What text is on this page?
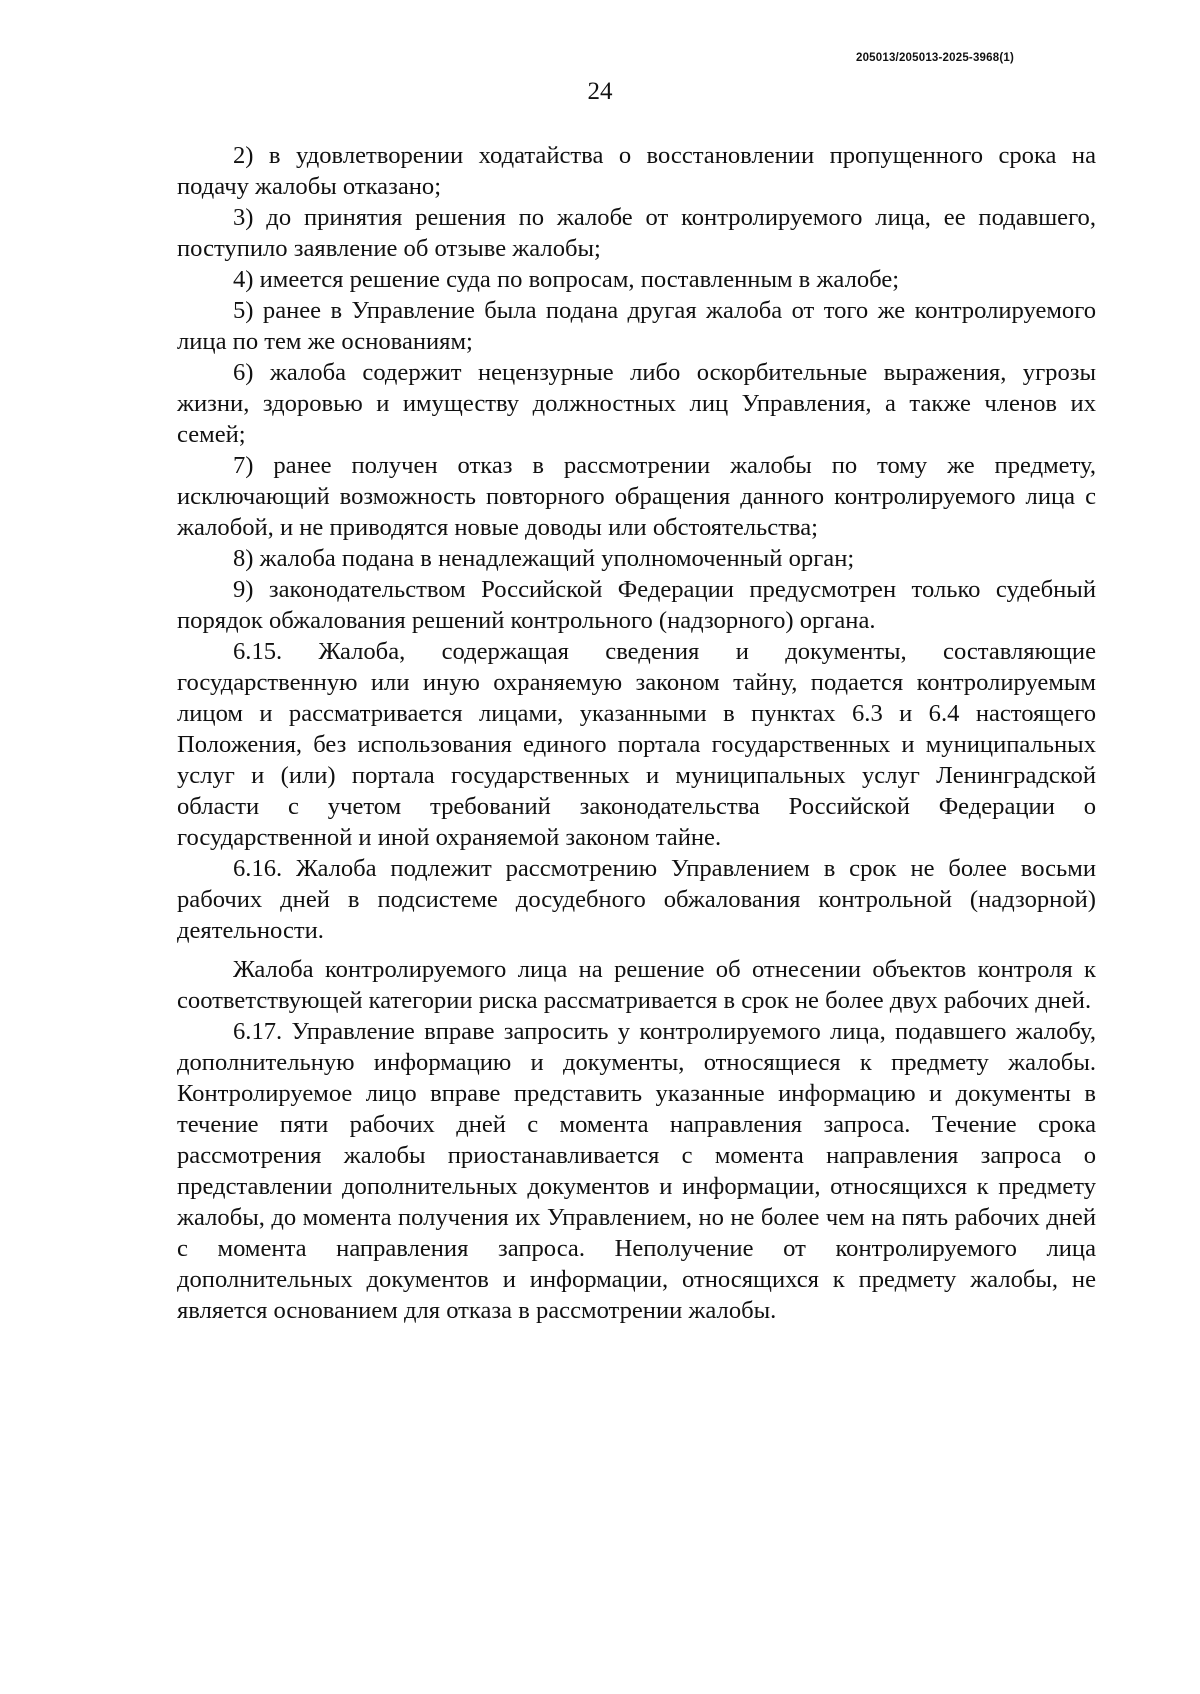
205013/205013-2025-3968(1)
24

2) в удовлетворении ходатайства о восстановлении пропущенного срока на подачу жалобы отказано;

3) до принятия решения по жалобе от контролируемого лица, ее подавшего, поступило заявление об отзыве жалобы;

4) имеется решение суда по вопросам, поставленным в жалобе;

5) ранее в Управление была подана другая жалоба от того же контролируемого лица по тем же основаниям;

6) жалоба содержит нецензурные либо оскорбительные выражения, угрозы жизни, здоровью и имуществу должностных лиц Управления, а также членов их семей;

7) ранее получен отказ в рассмотрении жалобы по тому же предмету, исключающий возможность повторного обращения данного контролируемого лица с жалобой, и не приводятся новые доводы или обстоятельства;

8) жалоба подана в ненадлежащий уполномоченный орган;

9) законодательством Российской Федерации предусмотрен только судебный порядок обжалования решений контрольного (надзорного) органа.

6.15. Жалоба, содержащая сведения и документы, составляющие государственную или иную охраняемую законом тайну, подается контролируемым лицом и рассматривается лицами, указанными в пунктах 6.3 и 6.4 настоящего Положения, без использования единого портала государственных и муниципальных услуг и (или) портала государственных и муниципальных услуг Ленинградской области с учетом требований законодательства Российской Федерации о государственной и иной охраняемой законом тайне.

6.16. Жалоба подлежит рассмотрению Управлением в срок не более восьми рабочих дней в подсистеме досудебного обжалования контрольной (надзорной) деятельности.

Жалоба контролируемого лица на решение об отнесении объектов контроля к соответствующей категории риска рассматривается в срок не более двух рабочих дней.

6.17. Управление вправе запросить у контролируемого лица, подавшего жалобу, дополнительную информацию и документы, относящиеся к предмету жалобы. Контролируемое лицо вправе представить указанные информацию и документы в течение пяти рабочих дней с момента направления запроса. Течение срока рассмотрения жалобы приостанавливается с момента направления запроса о представлении дополнительных документов и информации, относящихся к предмету жалобы, до момента получения их Управлением, но не более чем на пять рабочих дней с момента направления запроса. Неполучение от контролируемого лица дополнительных документов и информации, относящихся к предмету жалобы, не является основанием для отказа в рассмотрении жалобы.
